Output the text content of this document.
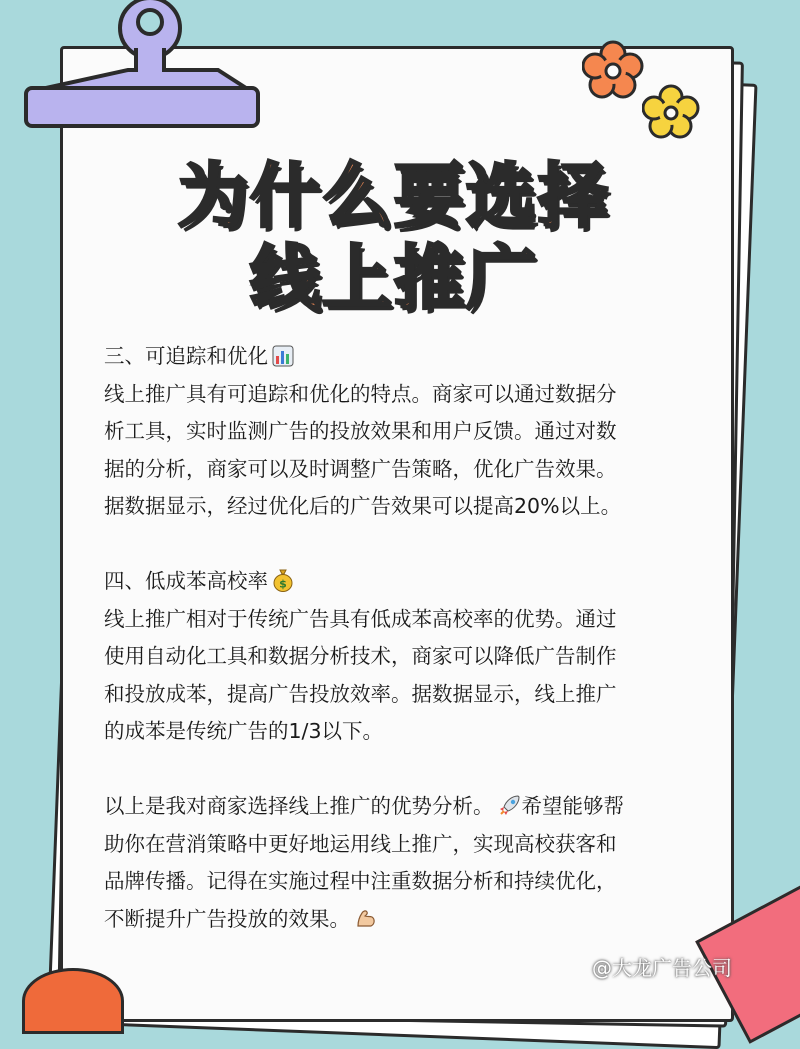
为什么要选择
线上推广

三、可追踪和优化

线上推广具有可追踪和优化的特点。商家可以通过数据分

析工具，实时监测广告的投放效果和用户反馈。通过对数

据的分析，商家可以及时调整广告策略，优化广告效果。

据数据显示，经过优化后的广告效果可以提高20%以上。

四、低成苯高校率 $

线上推广相对于传统广告具有低成苯高校率的优势。通过

使用自动化工具和数据分析技术，商家可以降低广告制作

和投放成苯，提高广告投放效率。据数据显示，线上推广

的成苯是传统广告的1/3以下。

以上是我对商家选择线上推广的优势分析。 希望能够帮

助你在营消策略中更好地运用线上推广，实现高校获客和

品牌传播。记得在实施过程中注重数据分析和持续优化，

不断提升广告投放的效果。

@大龙广告公司
